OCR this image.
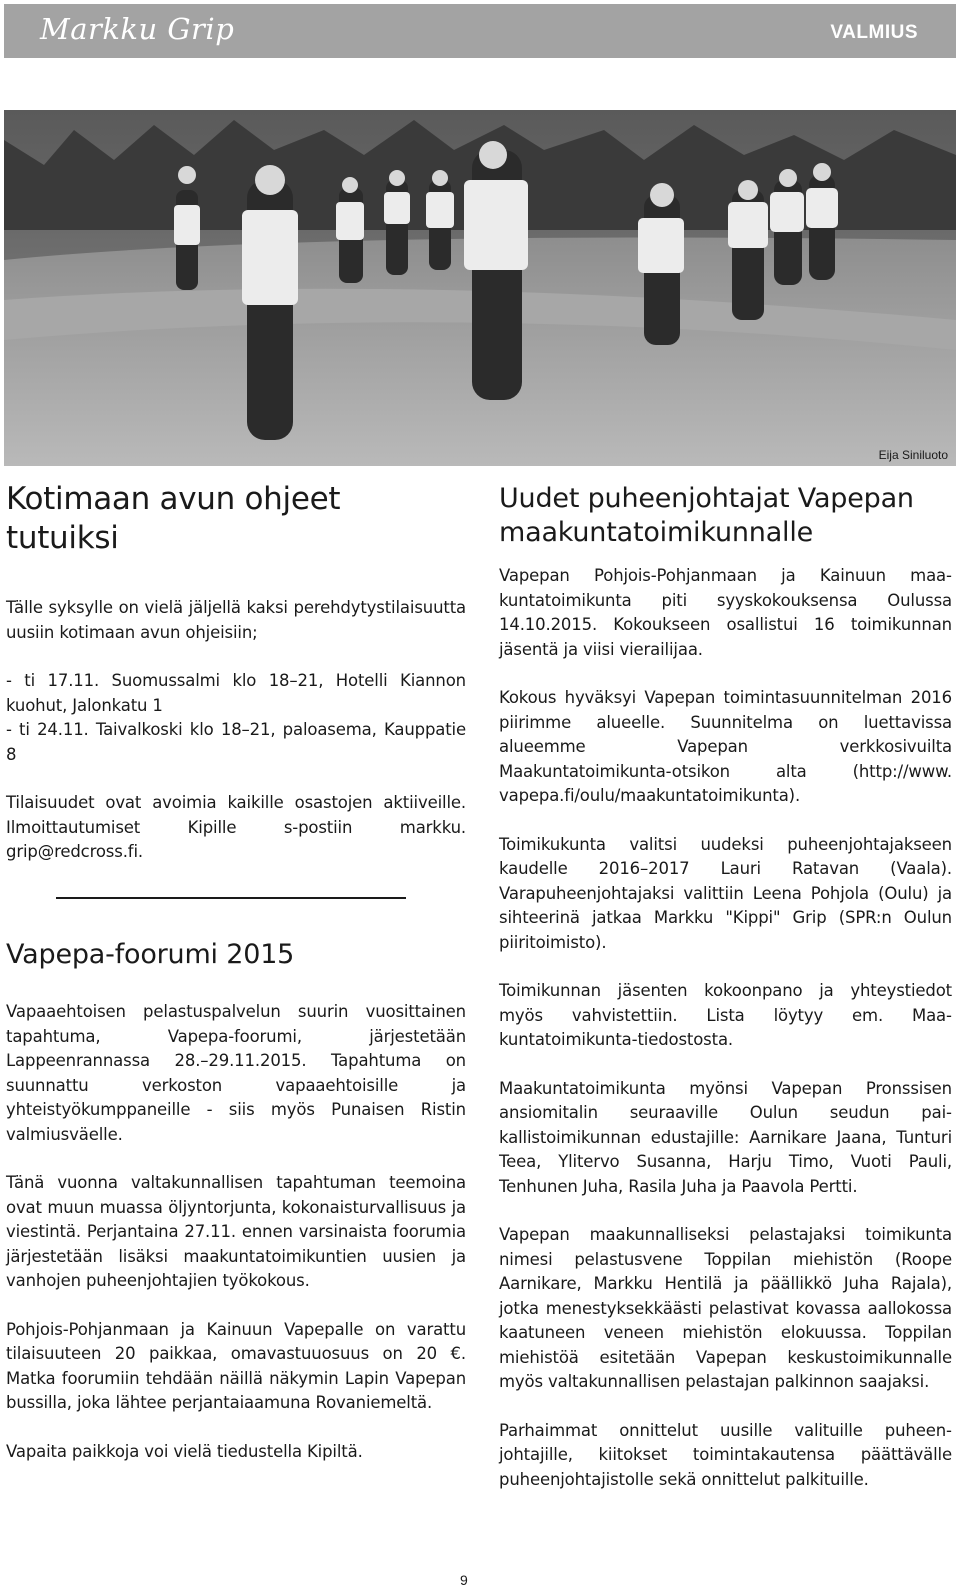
Markku Grip	VALMIUS
Eija Siniluoto
Kotimaan avun ohjeet tutuiksi

Tälle syksylle on vielä jäljellä kaksi perehdytystilaisuutta uusiin kotimaan avun ohjeisiin;

- ti 17.11. Suomussalmi klo 18–21, Hotelli Kiannon kuohut, Jalonkatu 1

- ti 24.11. Taivalkoski klo 18–21, paloasema, Kauppatie 8

Tilaisuudet ovat avoimia kaikille osastojen aktiiveille. Ilmoittautumiset Kipille s-postiin markku. grip@redcross.fi.

Vapepa-foorumi 2015

Vapaaehtoisen pelastuspalvelun suurin vuosittainen tapahtuma, Vapepa-foorumi, järjestetään Lappeenrannassa 28.–29.11.2015. Tapahtuma on suunnattu verkoston vapaaehtoisille ja yhteistyökumppaneille - siis myös Punaisen Ristin valmiusväelle.

Tänä vuonna valtakunnallisen tapahtuman teemoina ovat muun muassa öljyntorjunta, kokonaisturvallisuus ja viestintä. Perjantaina 27.11. ennen varsinaista foorumia järjestetään lisäksi maakuntatoimikuntien uusien ja vanhojen puheenjohtajien työkokous.

Pohjois-Pohjanmaan ja Kainuun Vapepalle on varattu tilaisuuteen 20 paikkaa, omavastuuosuus on 20 €. Matka foorumiin tehdään näillä näkymin Lapin Vapepan bussilla, joka lähtee perjantaiaamuna Rovaniemeltä.

Vapaita paikkoja voi vielä tiedustella Kipiltä.

Uudet puheenjohtajat Vapepan maakuntatoimikunnalle

Vapepan Pohjois-Pohjanmaan ja Kainuun maakuntatoimikunta piti syyskokouksensa Oulussa 14.10.2015. Kokoukseen osallistui 16 toimikunnan jäsentä ja viisi vierailijaa.

Kokous hyväksyi Vapepan toimintasuunnitelman 2016 piirimme alueelle. Suunnitelma on luettavissa alueemme Vapepan verkkosivuilta Maakuntatoimikunta-otsikon alta (http://www. vapepa.fi/oulu/maakuntatoimikunta).

Toimikukunta valitsi uudeksi puheenjohtajakseen kaudelle 2016–2017 Lauri Ratavan (Vaala). Varapuheenjohtajaksi valittiin Leena Pohjola (Oulu) ja sihteerinä jatkaa Markku "Kippi" Grip (SPR:n Oulun piiritoimisto).

Toimikunnan jäsenten kokoonpano ja yhteystiedot myös vahvistettiin. Lista löytyy em. Maakuntatoimikunta-tiedostosta.

Maakuntatoimikunta myönsi Vapepan Pronssisen ansiomitalin seuraaville Oulun seudun paikallistoimikunnan edustajille: Aarnikare Jaana, Tunturi Teea, Ylitervo Susanna, Harju Timo, Vuoti Pauli, Tenhunen Juha, Rasila Juha ja Paavola Pertti.

Vapepan maakunnalliseksi pelastajaksi toimikunta nimesi pelastusvene Toppilan miehistön (Roope Aarnikare, Markku Hentilä ja päällikkö Juha Rajala), jotka menestyksekkäästi pelastivat kovassa aallokossa kaatuneen veneen miehistön elokuussa. Toppilan miehistöä esitetään Vapepan keskustoimikunnalle myös valtakunnallisen pelastajan palkinnon saajaksi.

Parhaimmat onnittelut uusille valituille puheenjohtajille, kiitokset toimintakautensa päättävälle puheenjohtajistolle sekä onnittelut palkituille.

9
